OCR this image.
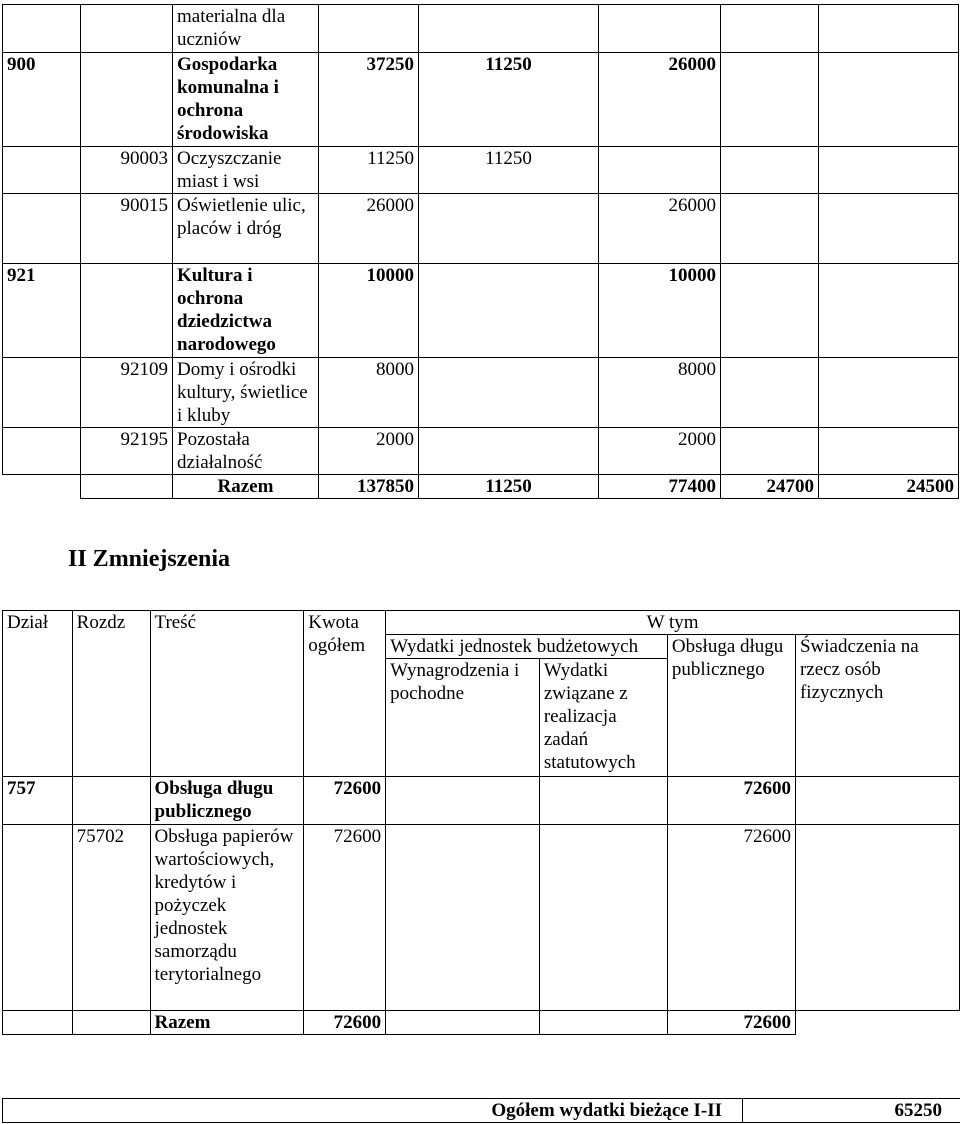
		materialna dla uczniów					
900		Gospodarka komunalna i ochrona środowiska	37250	11250	26000		
	90003	Oczyszczanie miast i wsi	11250	11250			
	90015	Oświetlenie ulic, placów i dróg	26000		26000		
921		Kultura i ochrona dziedzictwa narodowego	10000		10000		
	92109	Domy i ośrodki kultury, świetlice i kluby	8000		8000		
	92195	Pozostała działalność	2000		2000		
		Razem	137850	11250	77400	24700	24500
II Zmniejszenia
Dział	Rozdz	Treść	Kwota ogółem	W tym			
				Wydatki jednostek budżetowych		Obsługa długu publicznego	Świadczenia na rzecz osób fizycznych
				Wynagrodzenia i pochodne	Wydatki związane z realizacja zadań statutowych		
757		Obsługa długu publicznego	72600			72600	
	75702	Obsługa papierów wartościowych, kredytów i pożyczek jednostek samorządu terytorialnego	72600			72600	
		Razem	72600			72600	
Ogółem wydatki bieżące I-II	65250
